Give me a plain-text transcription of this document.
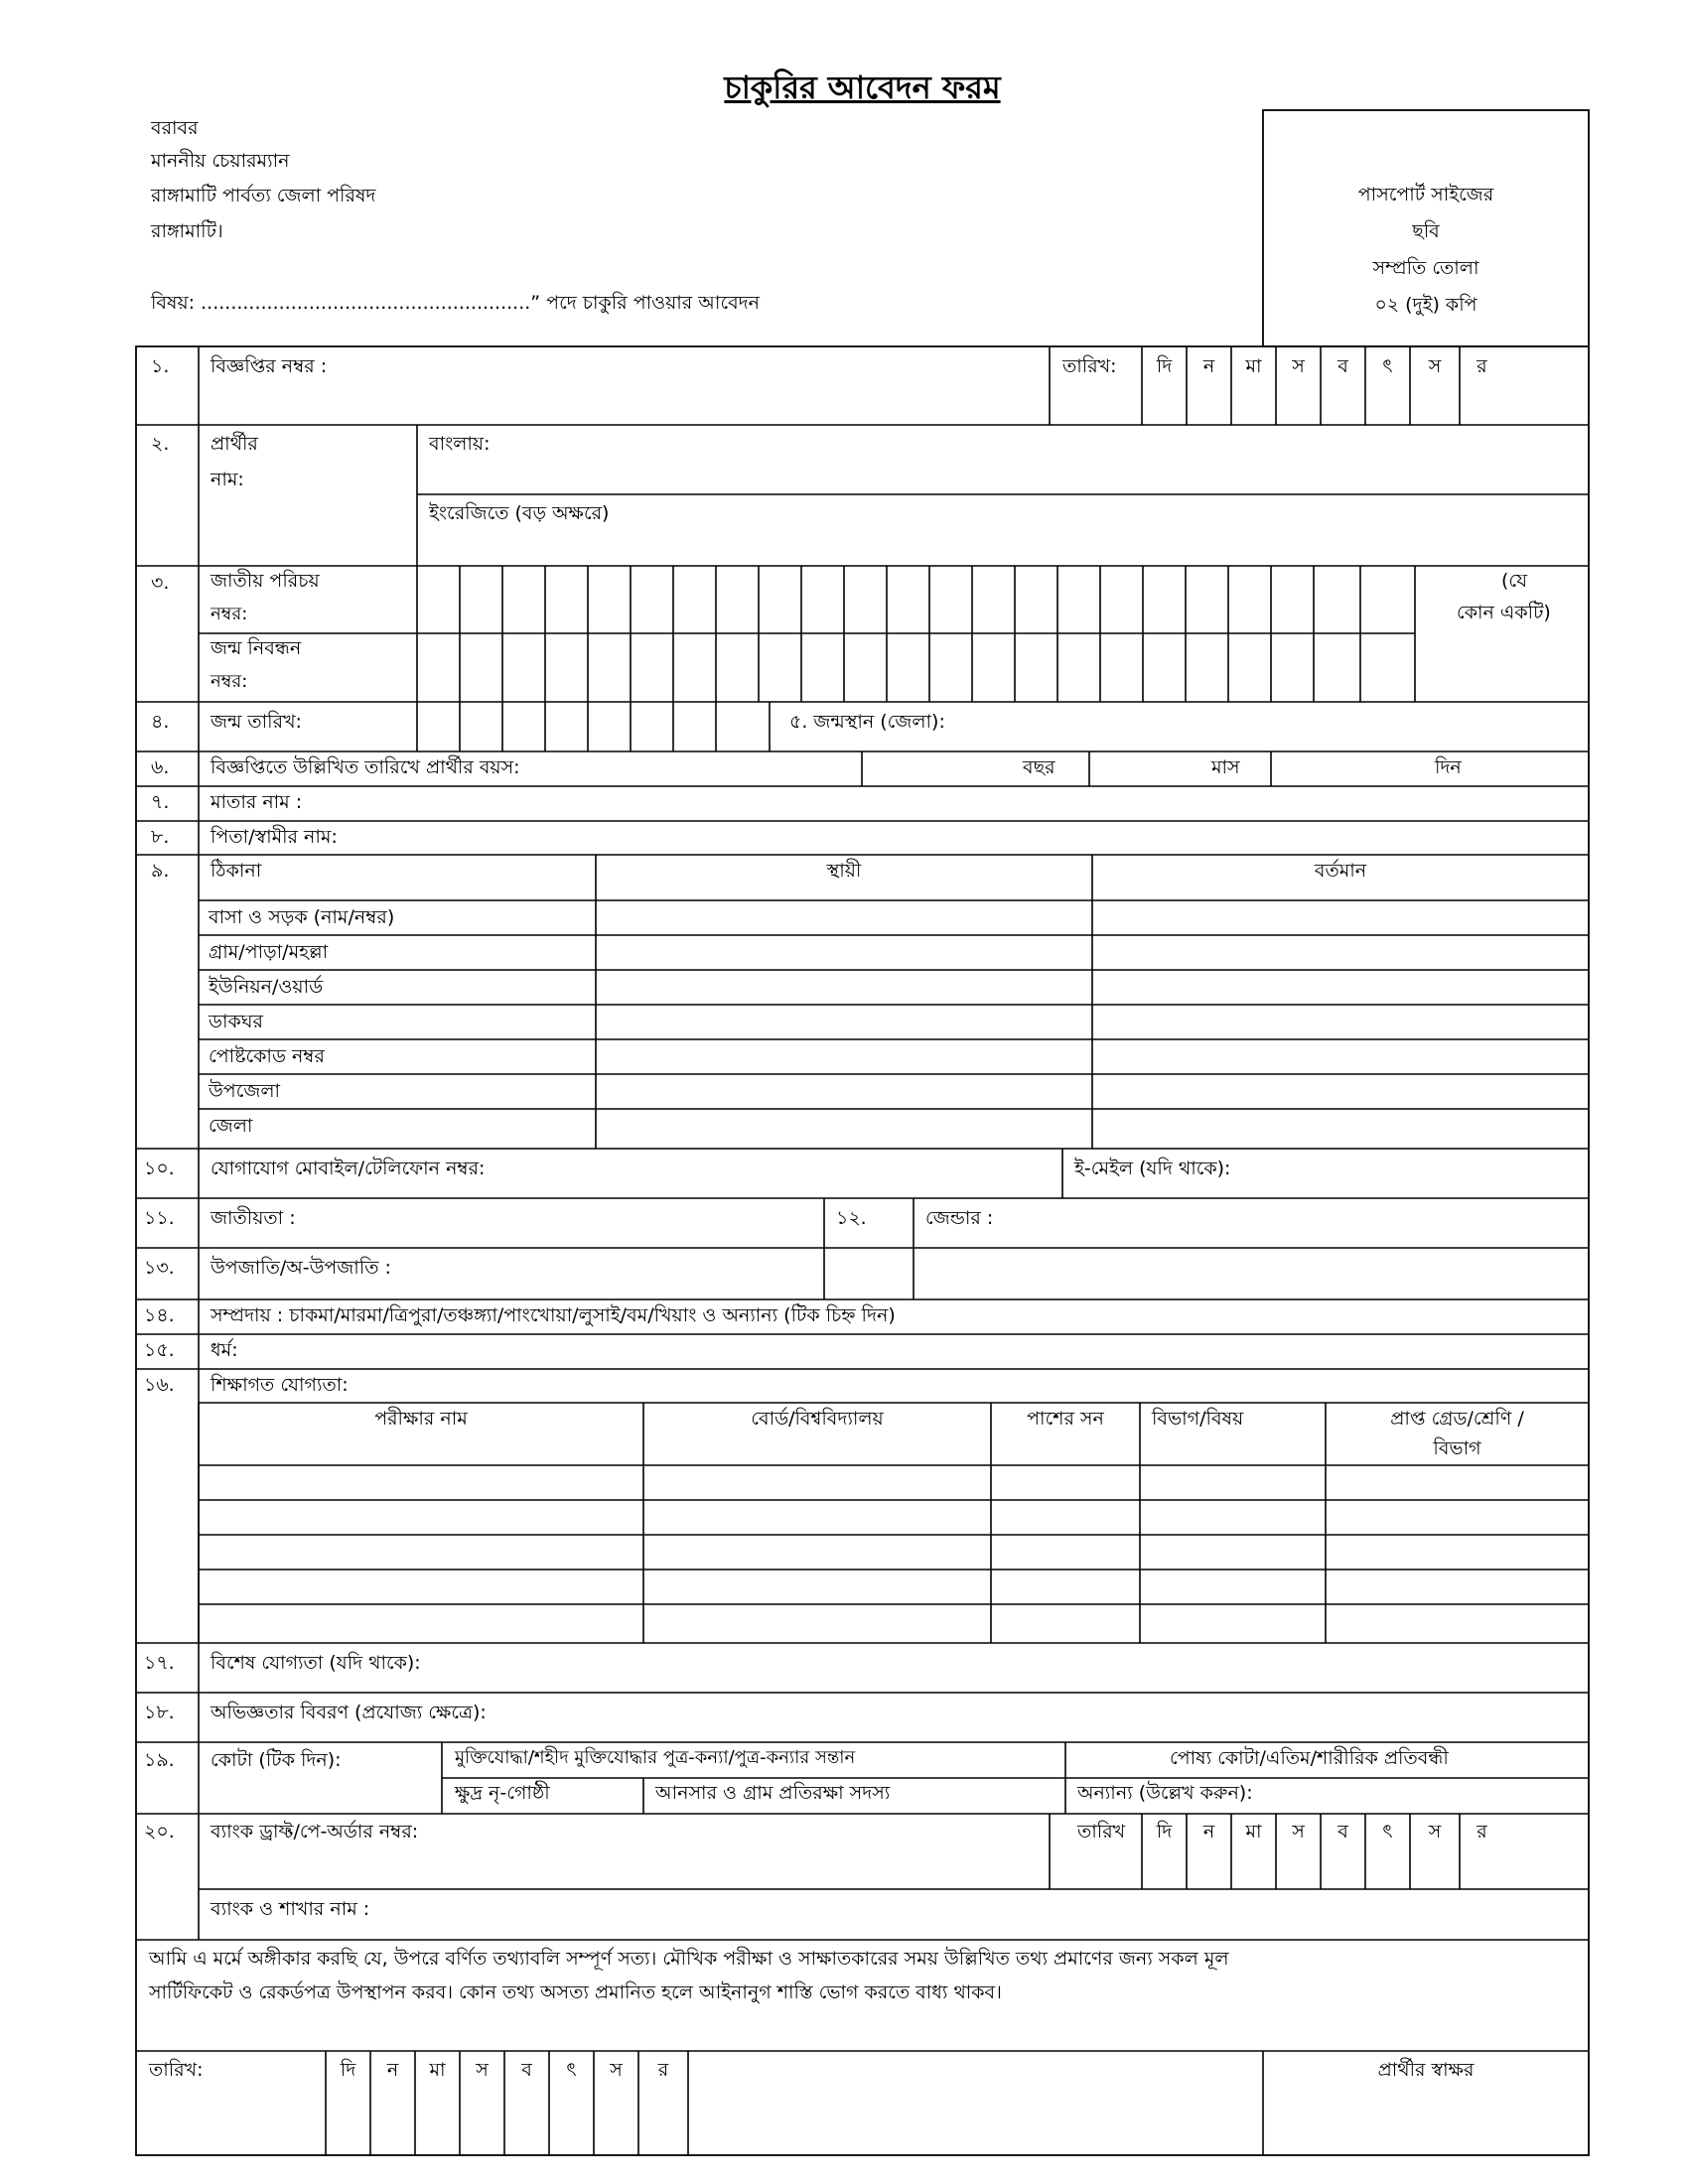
চাকুরির আবেদন ফরম
বরাবর
মাননীয় চেয়ারম্যান
রাঙ্গামাটি পার্বত্য জেলা পরিষদ
রাঙ্গামাটি।
বিষয়: .......................................................” পদে চাকুরি পাওয়ার আবেদন
পাসপোর্ট সাইজের
ছবি
সম্প্রতি তোলা
০২ (দুই) কপি
১. বিজ্ঞপ্তির নম্বর :	তারিখ:	দি	ন	মা	স	ব	ৎ	স	র
২. প্রার্থীর
নাম:
বাংলায়:
ইংরেজিতে (বড় অক্ষরে)
৩. জাতীয় পরিচয়
নম্বর:
জন্ম নিবন্ধন
নম্বর:
(যে
কোন একটি)
৪. জন্ম তারিখ:	৫. জন্মস্থান (জেলা):
৬. বিজ্ঞপ্তিতে উল্লিখিত তারিখে প্রার্থীর বয়স:	বছর	মাস	দিন
৭. মাতার নাম :
৮. পিতা/স্বামীর নাম:
৯. ঠিকানা	স্থায়ী	বর্তমান
বাসা ও সড়ক (নাম/নম্বর)
গ্রাম/পাড়া/মহল্লা
ইউনিয়ন/ওয়ার্ড
ডাকঘর
পোষ্টকোড নম্বর
উপজেলা
জেলা
১০. যোগাযোগ মোবাইল/টেলিফোন নম্বর:	ই-মেইল (যদি থাকে):
১১. জাতীয়তা :	১২.	জেন্ডার :
১৩. উপজাতি/অ-উপজাতি :
১৪. সম্প্রদায় : চাকমা/মারমা/ত্রিপুরা/তঞ্চঙ্গ্যা/পাংখোয়া/লুসাই/বম/খিয়াং ও অন্যান্য (টিক চিহ্ন দিন)
১৫. ধর্ম:
১৬. শিক্ষাগত যোগ্যতা:
পরীক্ষার নাম	বোর্ড/বিশ্ববিদ্যালয়	পাশের সন	বিভাগ/বিষয়	প্রাপ্ত গ্রেড/শ্রেণি /
বিভাগ
১৭. বিশেষ যোগ্যতা (যদি থাকে):
১৮. অভিজ্ঞতার বিবরণ (প্রযোজ্য ক্ষেত্রে):
১৯. কোটা (টিক দিন):	মুক্তিযোদ্ধা/শহীদ মুক্তিযোদ্ধার পুত্র-কন্যা/পুত্র-কন্যার সন্তান	পোষ্য কোটা/এতিম/শারীরিক প্রতিবন্ধী
ক্ষুদ্র নৃ-গোষ্ঠী	আনসার ও গ্রাম প্রতিরক্ষা সদস্য	অন্যান্য (উল্লেখ করুন):
২০. ব্যাংক ড্রাফ্ট/পে-অর্ডার নম্বর:	তারিখ	দি	ন	মা	স	ব	ৎ	স	র
ব্যাংক ও শাখার নাম :
আমি এ মর্মে অঙ্গীকার করছি যে, উপরে বর্ণিত তথ্যাবলি সম্পূর্ণ সত্য। মৌখিক পরীক্ষা ও সাক্ষাতকারের সময় উল্লিখিত তথ্য প্রমাণের জন্য সকল মূল
সার্টিফিকেট ও রেকর্ডপত্র উপস্থাপন করব। কোন তথ্য অসত্য প্রমানিত হলে আইনানুগ শাস্তি ভোগ করতে বাধ্য থাকব।
তারিখ:	দি	ন	মা	স	ব	ৎ	স	র	প্রার্থীর স্বাক্ষর
